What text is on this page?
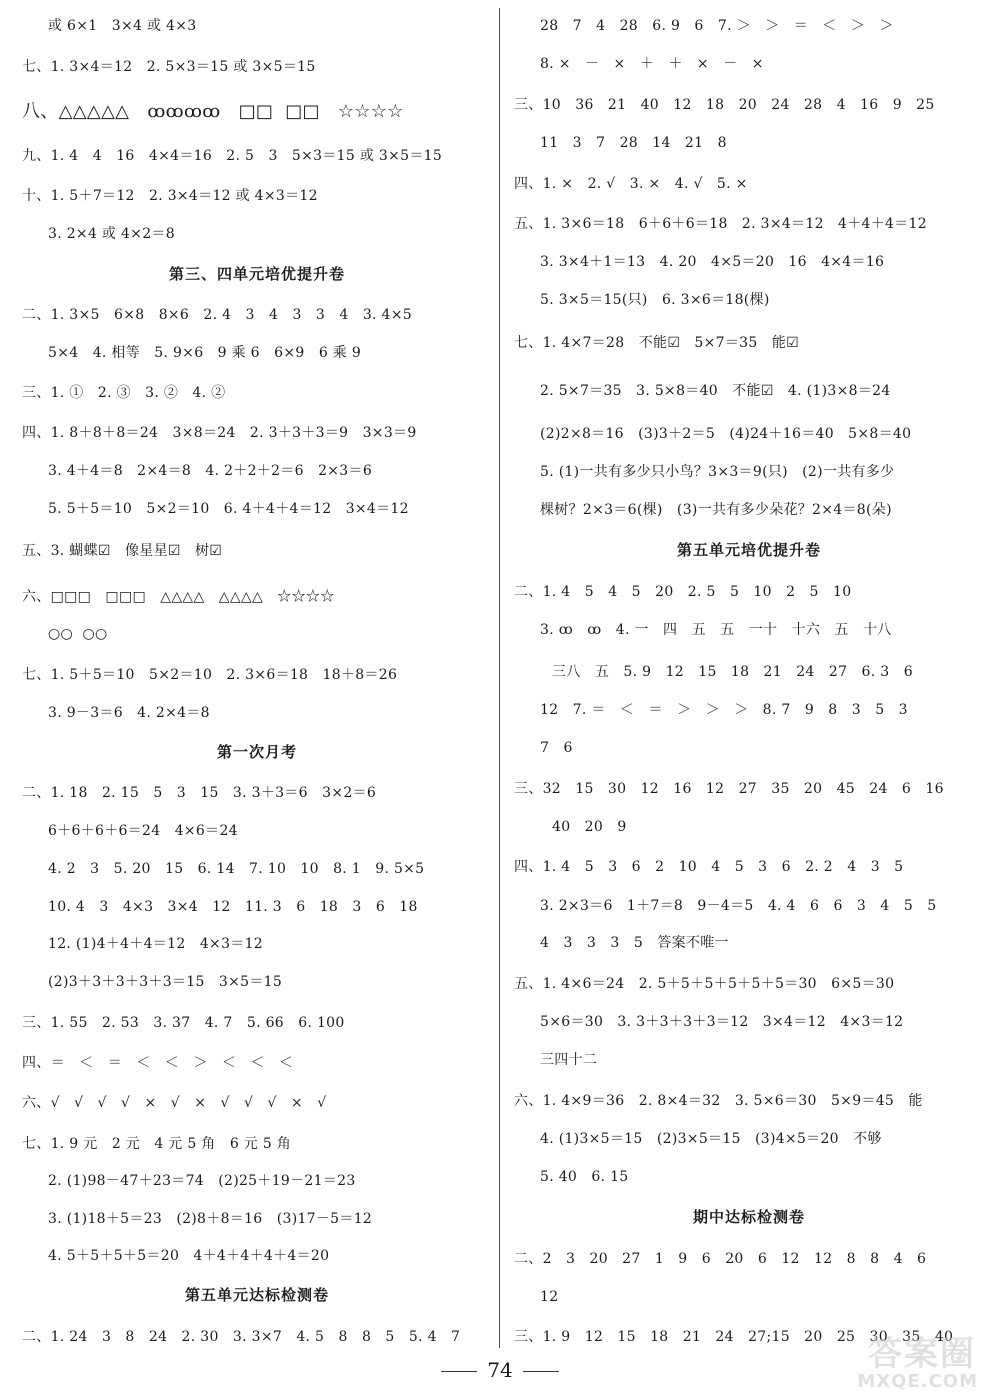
或 6×1   3×4 或 4×3
七、1. 3×4＝12   2. 5×3＝15 或 3×5＝15
八、△△△△△   ꝏꝏꝏꝏ   □□  □□   ☆☆☆☆
九、1. 4   4   16   4×4＝16   2. 5   3   5×3＝15 或 3×5＝15
十、1. 5＋7＝12   2. 3×4＝12 或 4×3＝12
3. 2×4 或 4×2＝8
第三、四单元培优提升卷
二、1. 3×5   6×8   8×6   2. 4   3   4   3   3   4   3. 4×5
5×4   4. 相等   5. 9×6   9 乘 6   6×9   6 乘 9
三、1. ①   2. ③   3. ②   4. ②
四、1. 8＋8＋8＝24   3×8＝24   2. 3＋3＋3＝9   3×3＝9
3. 4＋4＝8   2×4＝8   4. 2＋2＋2＝6   2×3＝6
5. 5＋5＝10   5×2＝10   6. 4＋4＋4＝12   3×4＝12
五、3. 蝴蝶☑   像星星☑   树☑
六、□□□   □□□   △△△△   △△△△   ☆☆☆☆
○○  ○○
七、1. 5＋5＝10   5×2＝10   2. 3×6＝18   18＋8＝26
3. 9－3＝6   4. 2×4＝8
第一次月考
二、1. 18   2. 15   5   3   15   3. 3＋3＝6   3×2＝6
6＋6＋6＋6＝24   4×6＝24
4. 2   3   5. 20   15   6. 14   7. 10   10   8. 1   9. 5×5
10. 4   3   4×3   3×4   12   11. 3   6   18   3   6   18
12. (1)4＋4＋4＝12   4×3＝12
(2)3＋3＋3＋3＋3＝15   3×5＝15
三、1. 55   2. 53   3. 37   4. 7   5. 66   6. 100
四、＝   ＜   ＝   ＜   ＜   ＞   ＜   ＜   ＜
六、√   √   √   √   ×   √   ×   √   √   √   ×   √
七、1. 9 元   2 元   4 元 5 角   6 元 5 角
2. (1)98－47＋23＝74   (2)25＋19－21＝23
3. (1)18＋5＝23   (2)8＋8＝16   (3)17－5＝12
4. 5＋5＋5＋5＝20   4＋4＋4＋4＋4＝20
第五单元达标检测卷
二、1. 24   3   8   24   2. 30   3. 3×7   4. 5   8   8   5   5. 4   7
28   7   4   28   6. 9   6   7. ＞   ＞   ＝   ＜   ＞   ＞
8. ×   －   ×   ＋   ＋   ×   －   ×
三、10   36   21   40   12   18   20   24   28   4   16   9   25
11   3   7   28   14   21   8
四、1. ×   2. √   3. ×   4. √   5. ×
五、1. 3×6＝18   6＋6＋6＝18   2. 3×4＝12   4＋4＋4＝12
3. 3×4＋1＝13   4. 20   4×5＝20   16   4×4＝16
5. 3×5＝15(只)   6. 3×6＝18(棵)
七、1. 4×7＝28   不能☑   5×7＝35   能☑
2. 5×7＝35   3. 5×8＝40   不能☑   4. (1)3×8＝24
(2)2×8＝16   (3)3＋2＝5   (4)24＋16＝40   5×8＝40
5. (1)一共有多少只小鸟？3×3＝9(只)   (2)一共有多少
棵树？2×3＝6(棵)   (3)一共有多少朵花？2×4＝8(朵)
第五单元培优提升卷
二、1. 4   5   4   5   20   2. 5   5   10   2   5   10
3. ꝏ   ꝏ   4. 一   四   五   五   一十   十六   五   十八
三八   五   5. 9   12   15   18   21   24   27   6. 3   6
12   7. ＝   ＜   ＝   ＞   ＞   ＞   8. 7   9   8   3   5   3
7   6
三、32   15   30   12   16   12   27   35   20   45   24   6   16
40   20   9
四、1. 4   5   3   6   2   10   4   5   3   6   2. 2   4   3   5
3. 2×3＝6   1＋7＝8   9－4＝5   4. 4   6   6   3   4   5   5
4   3   3   3   5   答案不唯一
五、1. 4×6＝24   2. 5＋5＋5＋5＋5＋5＝30   6×5＝30
5×6＝30   3. 3＋3＋3＋3＝12   3×4＝12   4×3＝12
三四十二
六、1. 4×9＝36   2. 8×4＝32   3. 5×6＝30   5×9＝45   能
4. (1)3×5＝15   (2)3×5＝15   (3)4×5＝20   不够
5. 40   6. 15
期中达标检测卷
二、2   3   20   27   1   9   6   20   6   12   12   8   8   4   6
12
三、1. 9   12   15   18   21   24   27;15   20   25   30   35   40
74	答案圈
MXQE.COM
